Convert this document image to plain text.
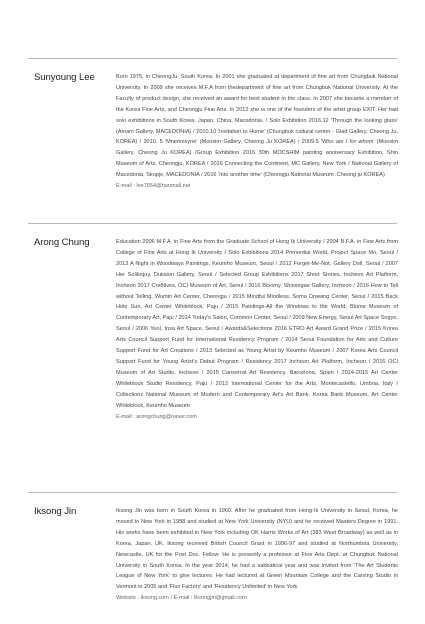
Sunyoung Lee	Born 1975, in CheongJu, South Korea. In 2001 she graduated at department of fine art from Chungbuk National University. In 2009 she receives M.F.A from thedepartment of fine art from Chungbuk National University. At the Faculty of product design, she received an award for best student in the class. In 2007 she became a member of the Korea Fine Arts, and Cheongju Fine Arts. In 2012 she is one of the founders of the artist group EXIT. Her had solo exhibitions in South Korea, Japan, China, Macedonia. / Solo Exhibition 2016.12 'Through the looking glass' (Amam Gallery, MACEDONIA) / 2010.10 'Invitation to Home' (Chungbuk cultural center - Glad Gallery, Cheong Ju, KOREA) / 2010. 5 'Mnemosyne' (Moosim Gallery, Cheong Ju KOREA) / 2009.5 'Who am I for whom' (Moosim Gallery, Cheong Ju KOREA) /Group Exhibition 2016 30th MOCSHIM painting anniversary Exhibition, Shin Museum of Arts, Cheongju, KOREA / 2016 Connecting the Continent, MC Gallery, New York / National Gallery of Macedonia, Skopje, MACEDONIA / 2016 'Into another time' (Cheongju National Museum .Cheong ju KOREA)
E-mail : lee7554@hanmail.net
Arong Chung	Education 2006 M.F.A. in Fine Arts from the Graduate School of Hong Ik University / 2004 B.F.A. in Fine Arts from College of Fine Arts at Hong Ik University / Solo Exhibitions 2014 Primordial World, Project Space Mo, Seoul / 2013 A Night in Woodways Paintings, Keumho Museum, Seoul / 2012 Forget-Me-Not, Gallery Doll, Seoul / 2007 Her Soliloquy, Dukwon Gallery, Seoul / Selected Group Exhibitions 2017 Short Stories, Incheon Art Platform, Incheon 2017 Cre8tives, OCI Museum of Art, Seoul / 2016 Bloomy, Shinsegae Gallery, Incheon / 2016 How to Tell without Telling, Wumin Art Center, Cheongju / 2015 Mindful Mindless, Soma Drawing Center, Seoul / 2015 Back Hole Sun, Art Center Whiteblock, Paju / 2015 Paintings-All the Windows to the World, Blume Museum of Contemporary Art, Paju / 2014 Today's Salon, Common Center, Seoul / 2009 New Energy, Seoul Art Space Sogyo, Seoul / 2006 Yeol, Insa Art Space, Seoul / Awards&Selections 2016 ETRO Art Award Grand Prize / 2015 Korea Arts Council Support Fund for International Residency Program / 2014 Seoul Foundation for Arts and Culture Support Fund for Art Creations / 2013 Selected as Young Artist by Keumho Museum / 2007 Korea Arts Council Support Fund for Young Artist's Debut Program / Residency 2017 Incheon Art Platform, Incheon / 2016 OCI Museum of Art Studio, Incheon / 2015 Canserrat Art Residency, Barcelona, Spain / 2014-2015 Art Center Whiteblock Studio Residency, Paju / 2013 International Center for the Arts, Montecastello, Umbria, Italy / Collections National Museum of Modern and Contemporary Art's Art Bank, Korea Bank Museum, Art Center Whiteblock, Keumho Museum
E-mail : arongchung@naver.com
Iksong Jin	Iksong Jin was born in South Korea in 1960. After he graduated from Hong-Ik University in Seoul, Korea, he moved to New York in 1988 and studied at New York University (NYU) and he received Masters Degree in 1991. His works have been exhibited in New York including OK Harris Works of Art (383 West Broadway) as well as in Korea, Japan, UK. Iksong received British Council Grant in 1996-97 and studied at Northumbria University, Newcastle, UK for the Post Doc. Fellow. He is presently a professor at Fine Arts Dept. at Chungbuk National University in South Korea. In the year 2014, he had a sabbatical year and was invited from 'The Art Students League of New York' to give lectures. He had lectured at Green Mountain College and the Carving Studio in Vermont in 2005 and 'Flux Factory' and 'Residency Unlimited' in New York.
Website : Iksong.com / E-mail : Iksongjin@gmail.com
